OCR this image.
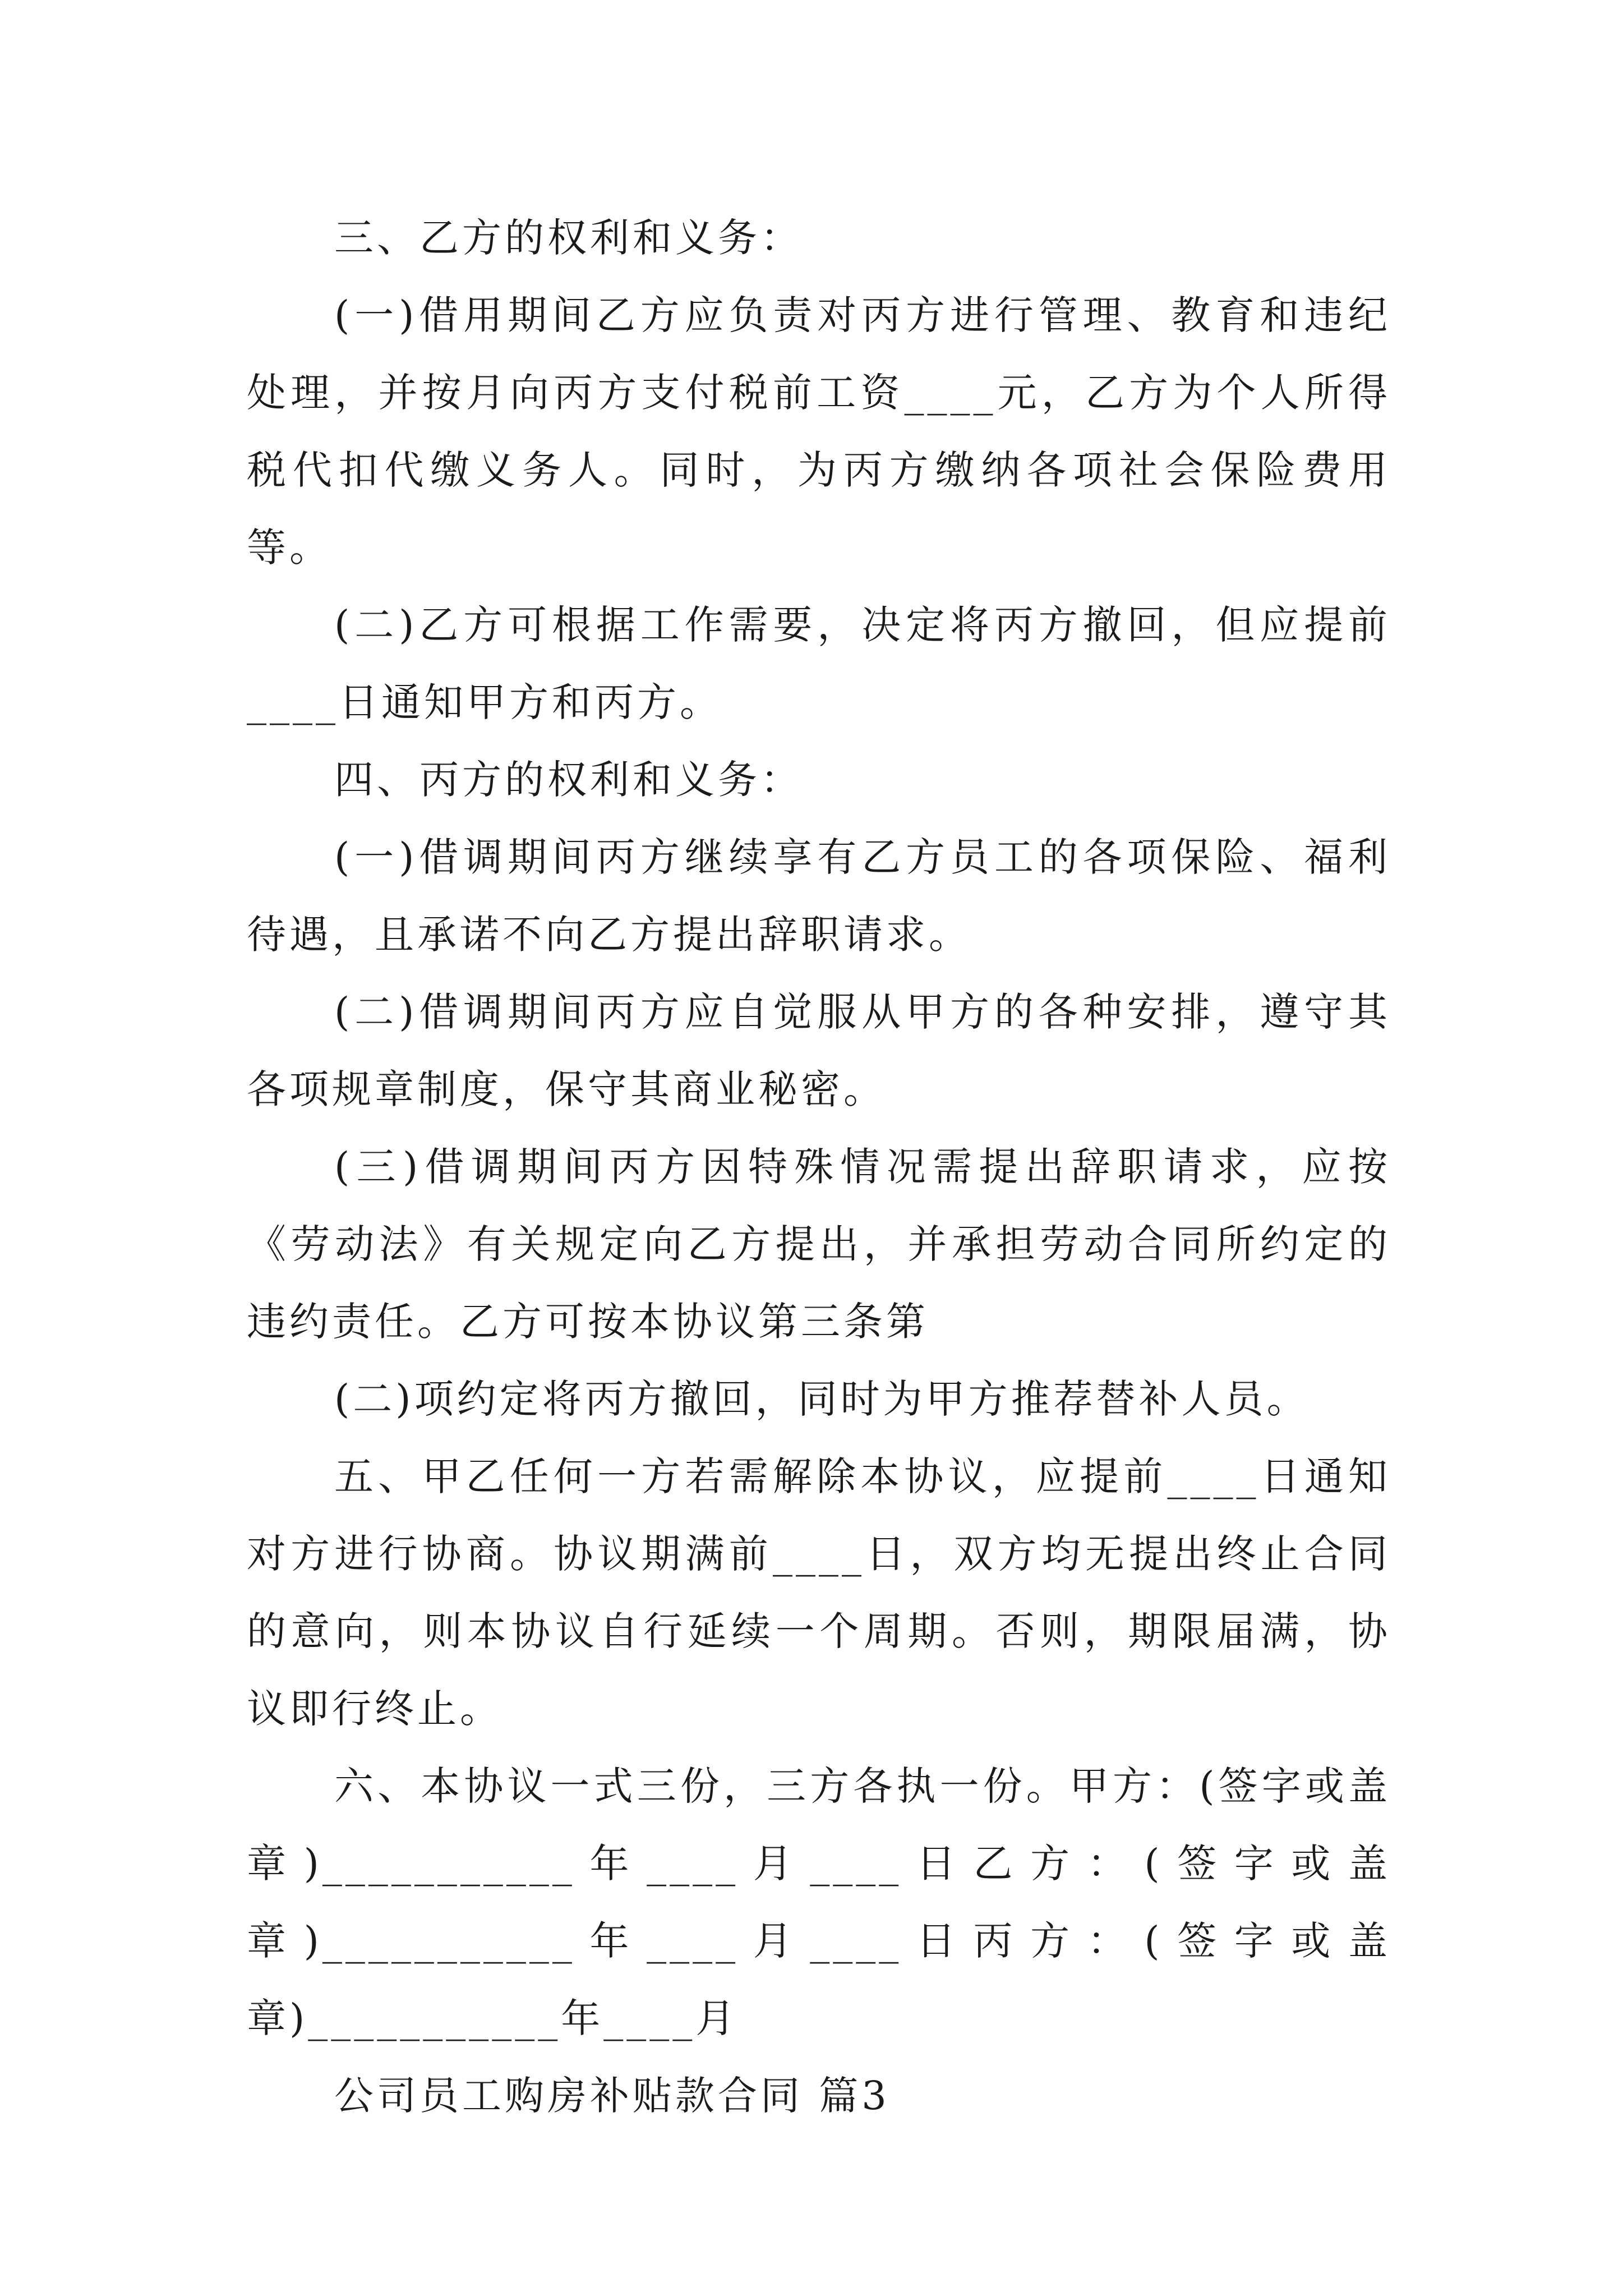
三、乙方的权利和义务：

(一)借用期间乙方应负责对丙方进行管理、教育和违纪处理，并按月向丙方支付税前工资____元，乙方为个人所得税代扣代缴义务人。同时，为丙方缴纳各项社会保险费用等。

(二)乙方可根据工作需要，决定将丙方撤回，但应提前____日通知甲方和丙方。

四、丙方的权利和义务：

(一)借调期间丙方继续享有乙方员工的各项保险、福利待遇，且承诺不向乙方提出辞职请求。

(二)借调期间丙方应自觉服从甲方的各种安排，遵守其各项规章制度，保守其商业秘密。

(三)借调期间丙方因特殊情况需提出辞职请求，应按《劳动法》有关规定向乙方提出，并承担劳动合同所约定的违约责任。乙方可按本协议第三条第

(二)项约定将丙方撤回，同时为甲方推荐替补人员。

五、甲乙任何一方若需解除本协议，应提前____日通知对方进行协商。协议期满前____日，双方均无提出终止合同的意向，则本协议自行延续一个周期。否则，期限届满，协议即行终止。

六、本协议一式三份，三方各执一份。甲方：(签字或盖章)___________年____月____日乙方：(签字或盖章)___________年____月____日丙方：(签字或盖章)___________年____月

公司员工购房补贴款合同 篇3
